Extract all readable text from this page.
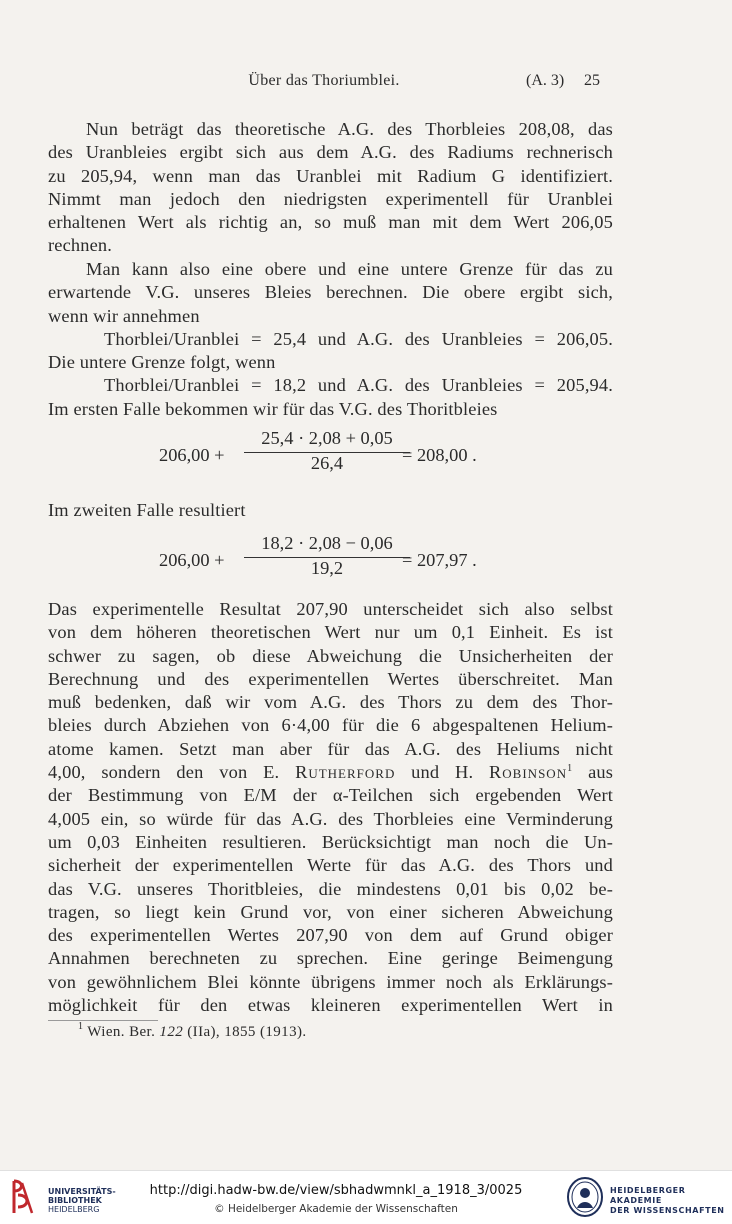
Über das Thoriumblei.	(A. 3) 25
Nun beträgt das theoretische A.G. des Thorbleies 208,08, das
des Uranbleies ergibt sich aus dem A.G. des Radiums rechnerisch
zu 205,94, wenn man das Uranblei mit Radium G identifiziert.
Nimmt man jedoch den niedrigsten experimentell für Uranblei
erhaltenen Wert als richtig an, so muß man mit dem Wert 206,05
rechnen.
Man kann also eine obere und eine untere Grenze für das zu
erwartende V.G. unseres Bleies berechnen. Die obere ergibt sich,
wenn wir annehmen
Thorblei/Uranblei = 25,4 und A.G. des Uranbleies = 206,05.
Die untere Grenze folgt, wenn
Thorblei/Uranblei = 18,2 und A.G. des Uranbleies = 205,94.
Im ersten Falle bekommen wir für das V.G. des Thoritbleies
206,00 +
25,4 · 2,08 + 0,05
26,4	= 208,00 .
Im zweiten Falle resultiert
206,00 +
18,2 · 2,08 − 0,06
19,2	= 207,97 .
Das experimentelle Resultat 207,90 unterscheidet sich also selbst
von dem höheren theoretischen Wert nur um 0,1 Einheit. Es ist
schwer zu sagen, ob diese Abweichung die Unsicherheiten der
Berechnung und des experimentellen Wertes überschreitet. Man
muß bedenken, daß wir vom A.G. des Thors zu dem des Thor-
bleies durch Abziehen von 6·4,00 für die 6 abgespaltenen Helium-
atome kamen. Setzt man aber für das A.G. des Heliums nicht
4,00, sondern den von E. Rutherford und H. Robinson$^1$ aus
der Bestimmung von E/M der α-Teilchen sich ergebenden Wert
4,005 ein, so würde für das A.G. des Thorbleies eine Verminderung
um 0,03 Einheiten resultieren. Berücksichtigt man noch die Un-
sicherheit der experimentellen Werte für das A.G. des Thors und
das V.G. unseres Thoritbleies, die mindestens 0,01 bis 0,02 be-
tragen, so liegt kein Grund vor, von einer sicheren Abweichung
des experimentellen Wertes 207,90 von dem auf Grund obiger
Annahmen berechneten zu sprechen. Eine geringe Beimengung
von gewöhnlichem Blei könnte übrigens immer noch als Erklärungs-
möglichkeit für den etwas kleineren experimentellen Wert in
$^1$ Wien. Ber. 122 (IIa), 1855 (1913).
UNIVERSITÄTS-
BIBLIOTHEK
HEIDELBERG
http://digi.hadw-bw.de/view/sbhadwmnkl_a_1918_3/0025
© Heidelberger Akademie der Wissenschaften
HEIDELBERGER AKADEMIE
DER WISSENSCHAFTEN
